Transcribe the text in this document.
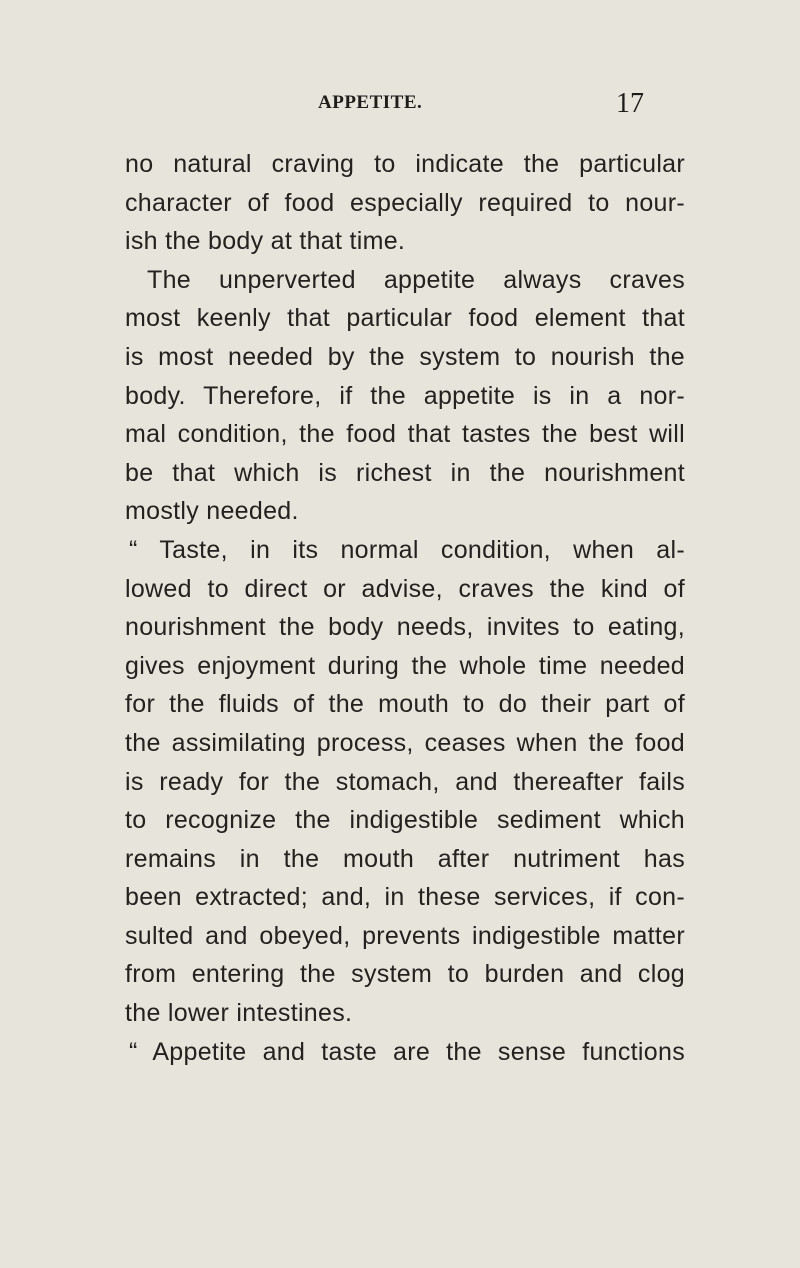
APPETITE.	17
no natural craving to indicate the particular
character of food especially required to nour-
ish the body at that time.
The unperverted appetite always craves
most keenly that particular food element that
is most needed by the system to nourish the
body. Therefore, if the appetite is in a nor-
mal condition, the food that tastes the best will
be that which is richest in the nourishment
mostly needed.
“ Taste, in its normal condition, when al-
lowed to direct or advise, craves the kind of
nourishment the body needs, invites to eating,
gives enjoyment during the whole time needed
for the fluids of the mouth to do their part of
the assimilating process, ceases when the food
is ready for the stomach, and thereafter fails
to recognize the indigestible sediment which
remains in the mouth after nutriment has
been extracted; and, in these services, if con-
sulted and obeyed, prevents indigestible matter
from entering the system to burden and clog
the lower intestines.
“ Appetite and taste are the sense functions
